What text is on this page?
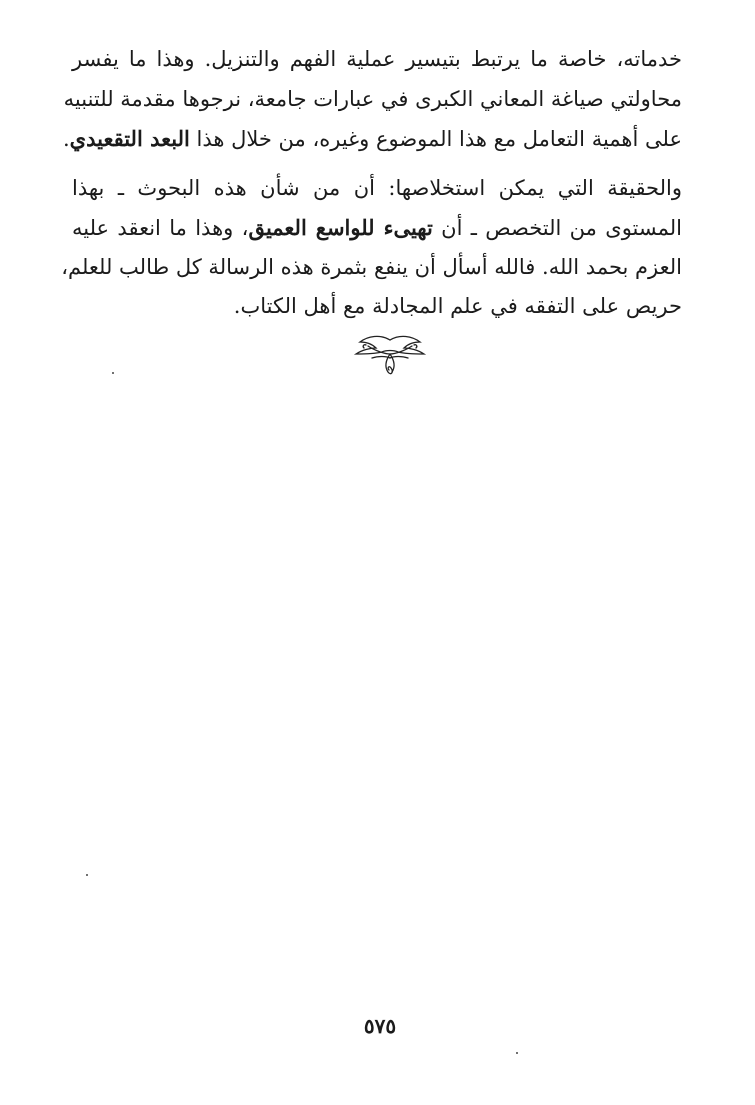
خدماته، خاصة ما يرتبط بتيسير عملية الفهم والتنزيل. وهذا ما يفسر
محاولتي صياغة المعاني الكبرى في عبارات جامعة، نرجوها مقدمة للتنبيه
على أهمية التعامل مع هذا الموضوع وغيره، من خلال هذا البعد التقعيدي.
والحقيقة التي يمكن استخلاصها: أن من شأن هذه البحوث ـ بهذا
المستوى من التخصص ـ أن تهيىء للواسع العميق، وهذا ما انعقد عليه
العزم بحمد الله. فالله أسأل أن ينفع بثمرة هذه الرسالة كل طالب للعلم،
حريص على التفقه في علم المجادلة مع أهل الكتاب.
٥٧٥
